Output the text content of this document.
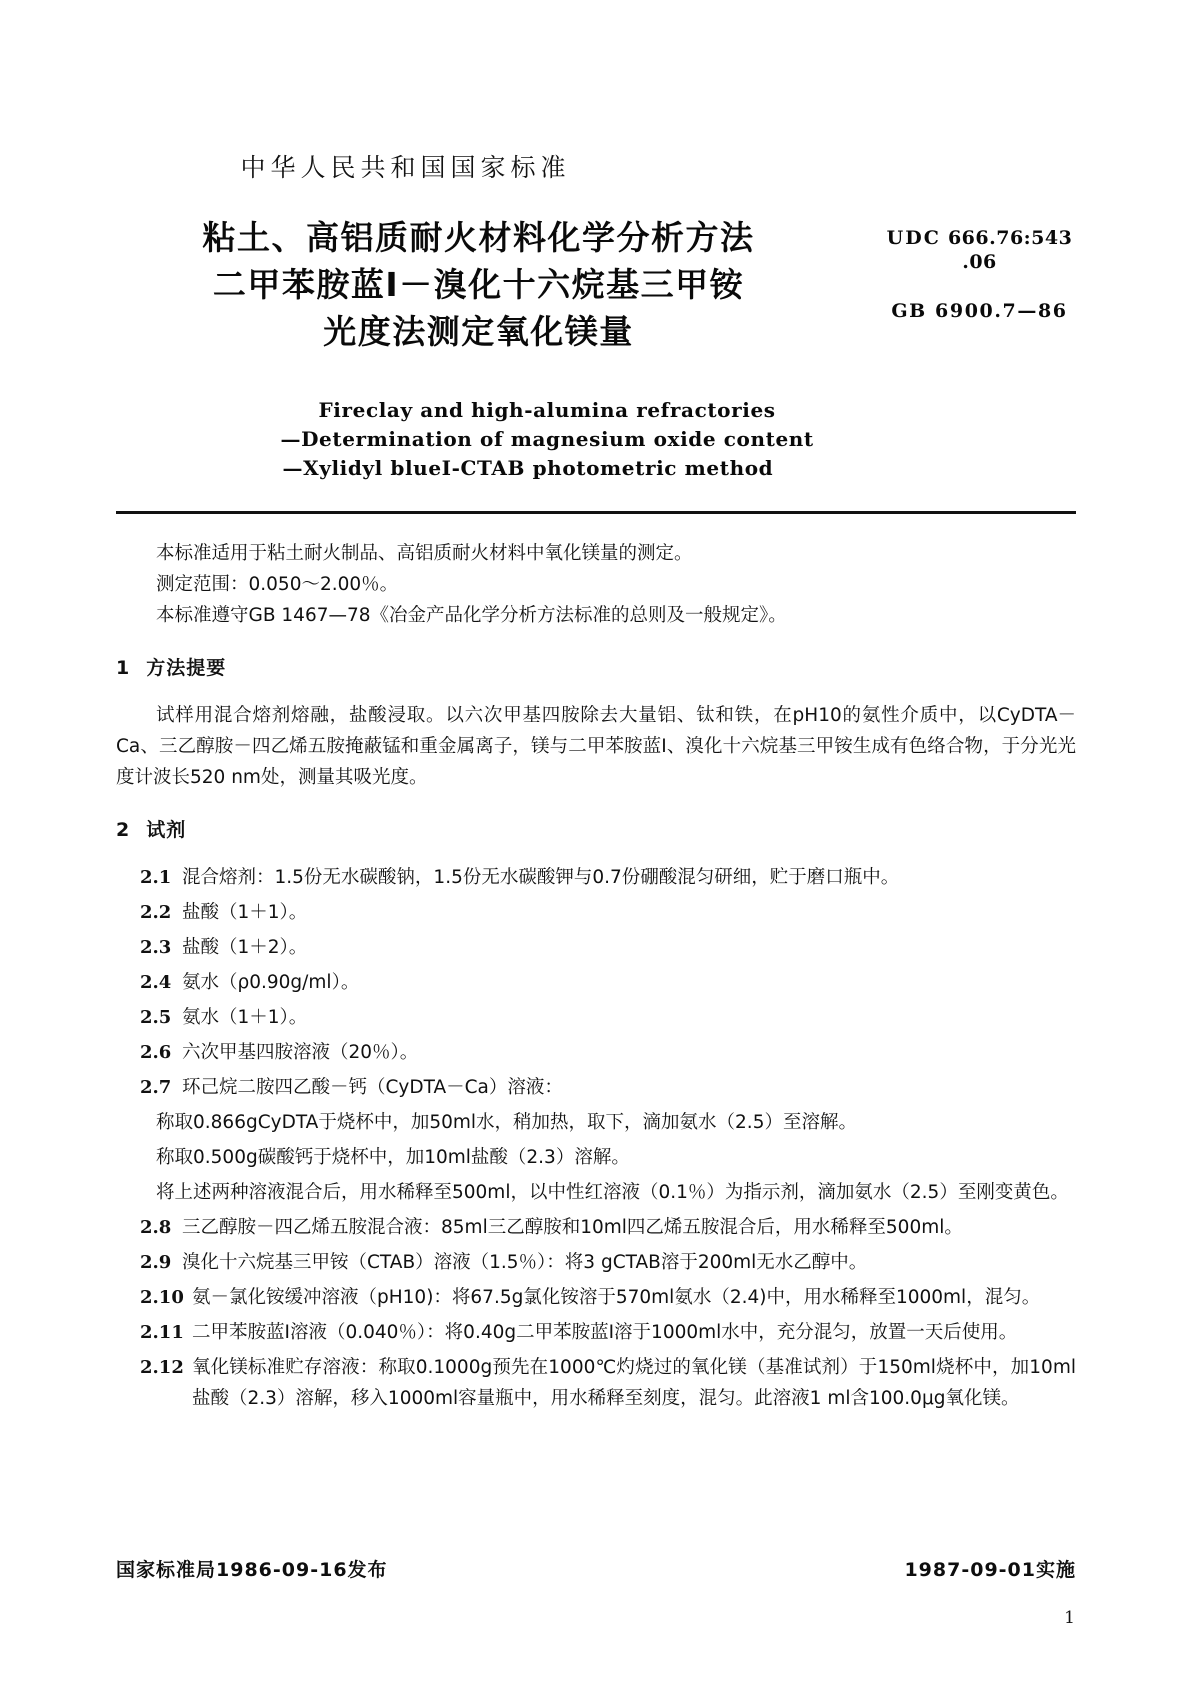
中华人民共和国国家标准
粘土、高铝质耐火材料化学分析方法
二甲苯胺蓝Ⅰ－溴化十六烷基三甲铵
光度法测定氧化镁量
UDC 666.76:543
.06
GB 6900.7—86
Fireclay and high-alumina refractories
—Determination of magnesium oxide content
—Xylidyl blueⅠ-CTAB photometric method

本标准适用于粘土耐火制品、高铝质耐火材料中氧化镁量的测定。

测定范围：0.050～2.00％。

本标准遵守GB 1467—78《冶金产品化学分析方法标准的总则及一般规定》。

1 方法提要

试样用混合熔剂熔融，盐酸浸取。以六次甲基四胺除去大量铝、钛和铁，在pH10的氨性介质中，以CyDTA－Ca、三乙醇胺－四乙烯五胺掩蔽锰和重金属离子，镁与二甲苯胺蓝Ⅰ、溴化十六烷基三甲铵生成有色络合物，于分光光度计波长520 nm处，测量其吸光度。

2 试剂
2.1 混合熔剂：1.5份无水碳酸钠，1.5份无水碳酸钾与0.7份硼酸混匀研细，贮于磨口瓶中。
2.2 盐酸（1＋1）。
2.3 盐酸（1＋2）。
2.4 氨水（ρ0.90g/ml）。
2.5 氨水（1＋1）。
2.6 六次甲基四胺溶液（20％）。
2.7 环己烷二胺四乙酸－钙（CyDTA－Ca）溶液：

称取0.866gCyDTA于烧杯中，加50ml水，稍加热，取下，滴加氨水（2.5）至溶解。

称取0.500g碳酸钙于烧杯中，加10ml盐酸（2.3）溶解。

将上述两种溶液混合后，用水稀释至500ml，以中性红溶液（0.1％）为指示剂，滴加氨水（2.5）至刚变黄色。

2.8 三乙醇胺－四乙烯五胺混合液：85ml三乙醇胺和10ml四乙烯五胺混合后，用水稀释至500ml。
2.9 溴化十六烷基三甲铵（CTAB）溶液（1.5％）：将3 gCTAB溶于200ml无水乙醇中。
2.10 氨－氯化铵缓冲溶液（pH10)：将67.5g氯化铵溶于570ml氨水（2.4)中，用水稀释至1000ml，混匀。
2.11 二甲苯胺蓝Ⅰ溶液（0.040％）：将0.40g二甲苯胺蓝Ⅰ溶于1000ml水中，充分混匀，放置一天后使用。
2.12 氧化镁标准贮存溶液：称取0.1000g预先在1000℃灼烧过的氧化镁（基准试剂）于150ml烧杯中，加10ml盐酸（2.3）溶解，移入1000ml容量瓶中，用水稀释至刻度，混匀。此溶液1 ml含100.0μg氧化镁。
国家标准局1986-09-16发布	1987-09-01实施
1
